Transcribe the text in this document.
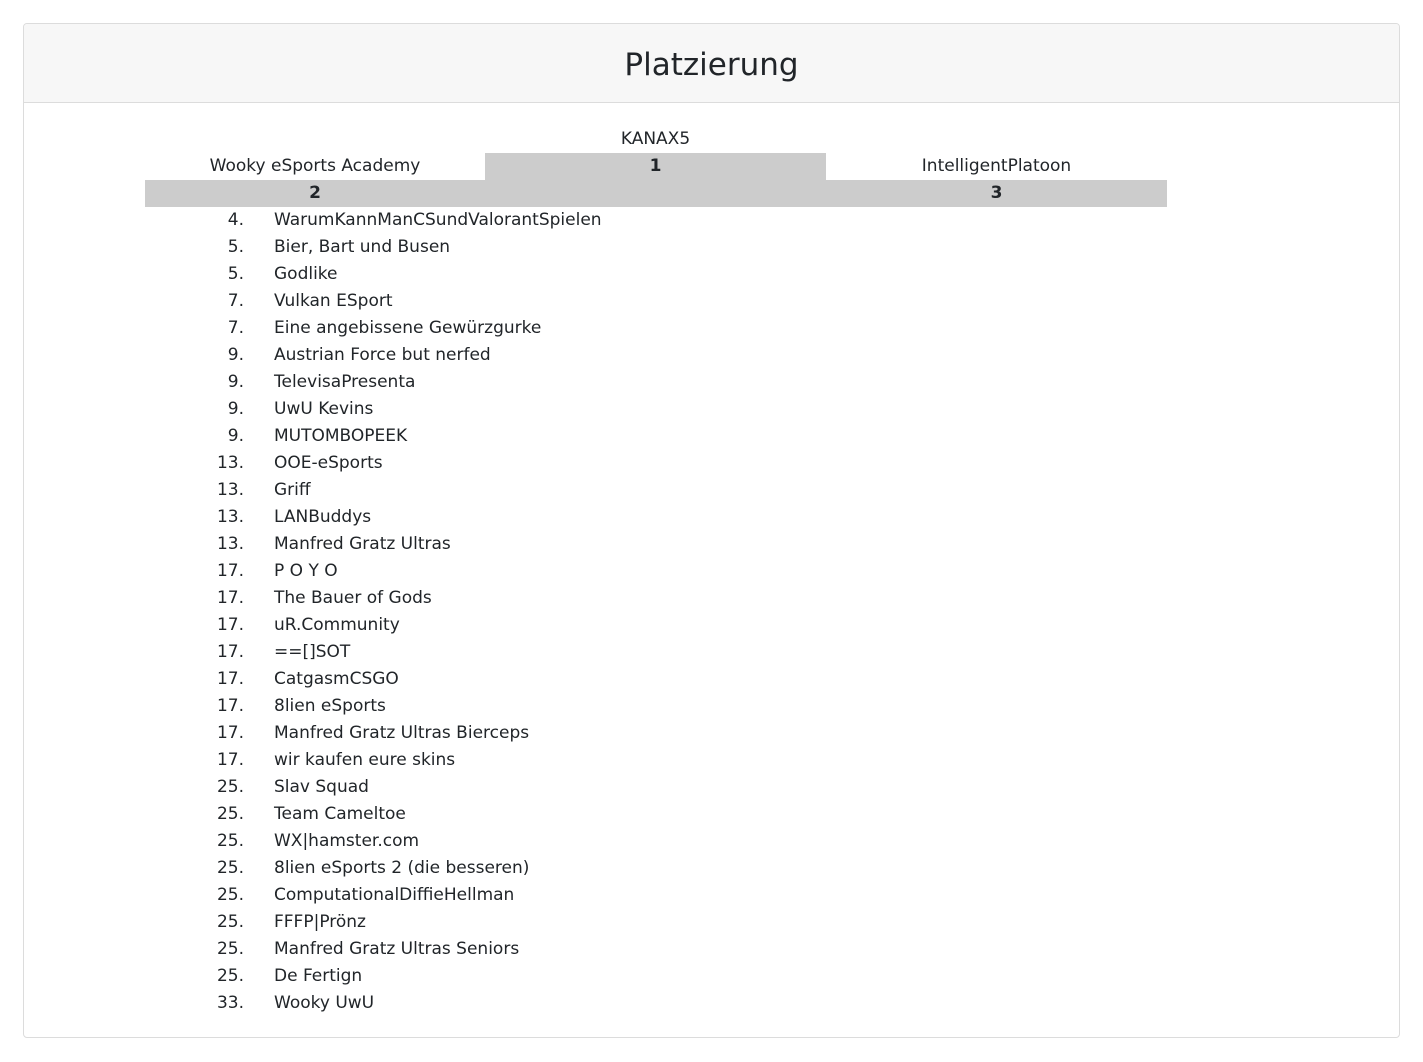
Platzierung
KANAX5
1
Wooky eSports Academy
2
IntelligentPlatoon
3
4. WarumKannManCSundValorantSpielen
5. Bier, Bart und Busen
5. Godlike
7. Vulkan ESport
7. Eine angebissene Gewürzgurke
9. Austrian Force but nerfed
9. TelevisaPresenta
9. UwU Kevins
9. MUTOMBOPEEK
13. OOE-eSports
13. Griff
13. LANBuddys
13. Manfred Gratz Ultras
17. P O Y O
17. The Bauer of Gods
17. uR.Community
17. ==[]SOT
17. CatgasmCSGO
17. 8lien eSports
17. Manfred Gratz Ultras Bierceps
17. wir kaufen eure skins
25. Slav Squad
25. Team Cameltoe
25. WX|hamster.com
25. 8lien eSports 2 (die besseren)
25. ComputationalDiffieHellman
25. FFFP|Prönz
25. Manfred Gratz Ultras Seniors
25. De Fertign
33. Wooky UwU
